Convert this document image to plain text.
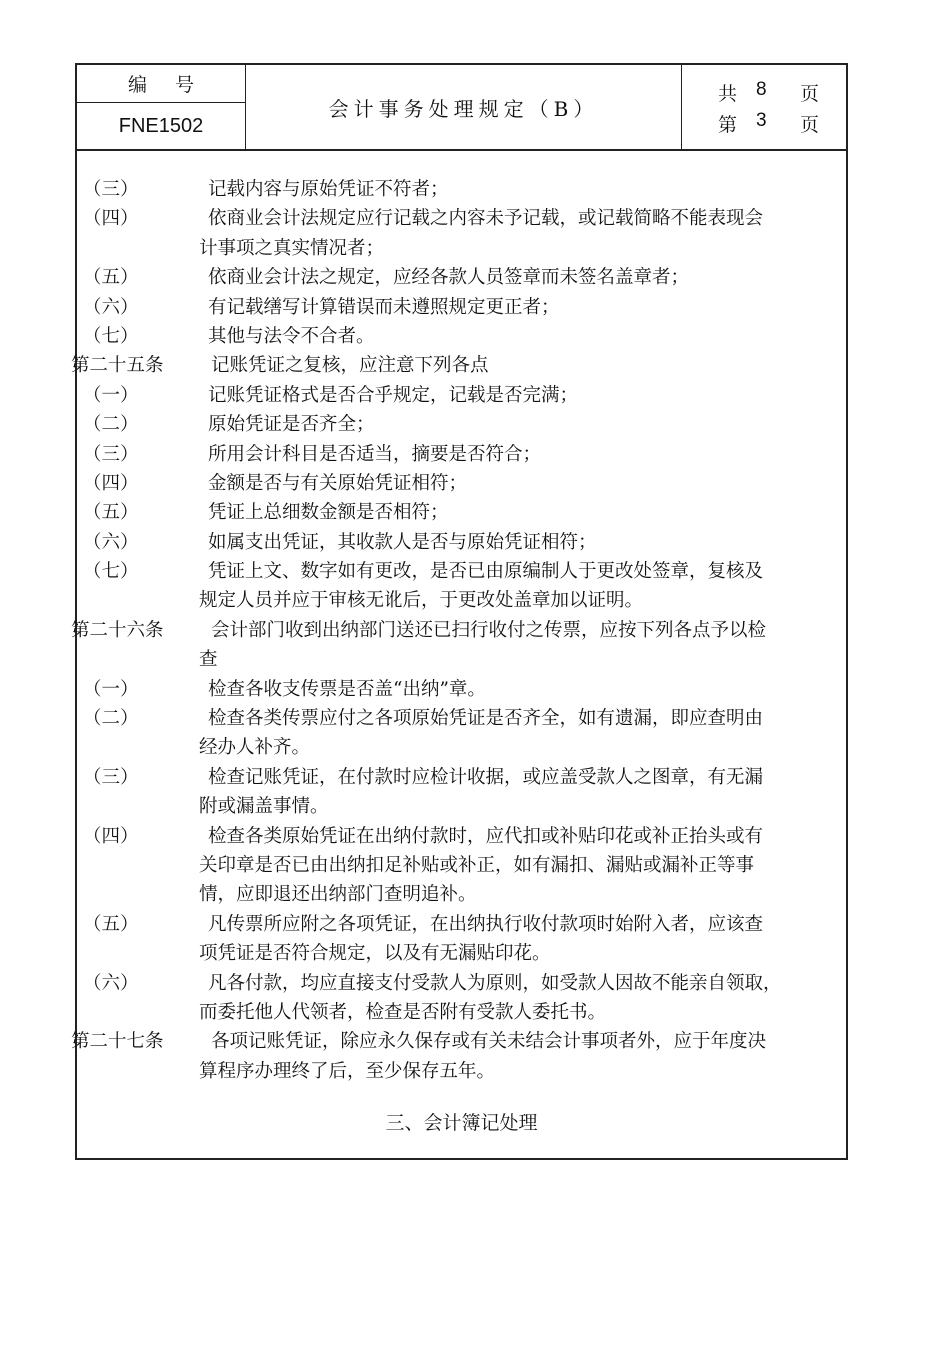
编号
FNE1502
会计事务处理规定（B）
共 8 页
第 3 页
（三）	记载内容与原始凭证不符者；
（四）	依商业会计法规定应行记载之内容未予记载，或记载简略不能表现会
计事项之真实情况者；
（五）	依商业会计法之规定，应经各款人员签章而未签名盖章者；
（六）	有记载缮写计算错误而未遵照规定更正者；
（七）	其他与法令不合者。
第二十五条	记账凭证之复核，应注意下列各点
（一）	记账凭证格式是否合乎规定，记载是否完满；
（二）	原始凭证是否齐全；
（三）	所用会计科目是否适当，摘要是否符合；
（四）	金额是否与有关原始凭证相符；
（五）	凭证上总细数金额是否相符；
（六）	如属支出凭证，其收款人是否与原始凭证相符；
（七）	凭证上文、数字如有更改，是否已由原编制人于更改处签章，复核及
规定人员并应于审核无讹后，于更改处盖章加以证明。
第二十六条	会计部门收到出纳部门送还已扫行收付之传票，应按下列各点予以检
查
（一）	检查各收支传票是否盖“出纳”章。
（二）	检查各类传票应付之各项原始凭证是否齐全，如有遗漏，即应查明由
经办人补齐。
（三）	检查记账凭证，在付款时应检计收据，或应盖受款人之图章，有无漏
附或漏盖事情。
（四）	检查各类原始凭证在出纳付款时，应代扣或补贴印花或补正抬头或有
关印章是否已由出纳扣足补贴或补正，如有漏扣、漏贴或漏补正等事
情，应即退还出纳部门查明追补。
（五）	凡传票所应附之各项凭证，在出纳执行收付款项时始附入者，应该查
项凭证是否符合规定，以及有无漏贴印花。
（六）	凡各付款，均应直接支付受款人为原则，如受款人因故不能亲自领取，
而委托他人代领者，检查是否附有受款人委托书。
第二十七条	各项记账凭证，除应永久保存或有关未结会计事项者外，应于年度决
算程序办理终了后，至少保存五年。
三、会计簿记处理
